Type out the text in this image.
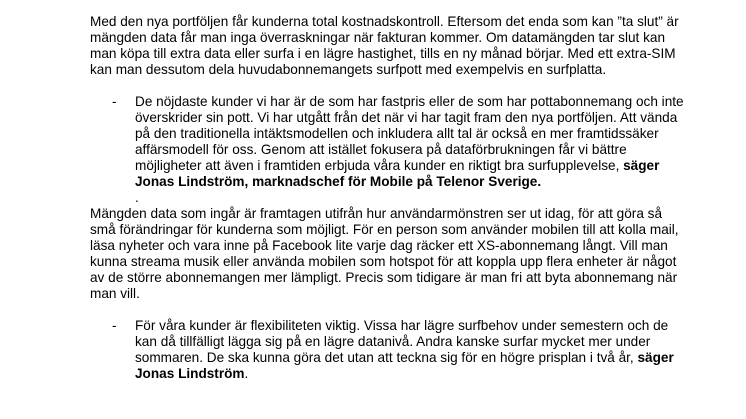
Med den nya portföljen får kunderna total kostnadskontroll. Eftersom det enda som kan ”ta slut” är mängden data får man inga överraskningar när fakturan kommer. Om datamängden tar slut kan man köpa till extra data eller surfa i en lägre hastighet, tills en ny månad börjar. Med ett extra-SIM kan man dessutom dela huvudabonnemangets surfpott med exempelvis en surfplatta.

- De nöjdaste kunder vi har är de som har fastpris eller de som har pottabonnemang och inte överskrider sin pott. Vi har utgått från det när vi har tagit fram den nya portföljen. Att vända på den traditionella intäktsmodellen och inkludera allt tal är också en mer framtidssäker affärsmodell för oss. Genom att istället fokusera på dataförbrukningen får vi bättre möjligheter att även i framtiden erbjuda våra kunder en riktigt bra surfupplevelse, säger Jonas Lindström, marknadschef för Mobile på Telenor Sverige.

.

Mängden data som ingår är framtagen utifrån hur användarmönstren ser ut idag, för att göra så små förändringar för kunderna som möjligt. För en person som använder mobilen till att kolla mail, läsa nyheter och vara inne på Facebook lite varje dag räcker ett XS-abonnemang långt. Vill man kunna streama musik eller använda mobilen som hotspot för att koppla upp flera enheter är något av de större abonnemangen mer lämpligt. Precis som tidigare är man fri att byta abonnemang när man vill.

- För våra kunder är flexibiliteten viktig. Vissa har lägre surfbehov under semestern och de kan då tillfälligt lägga sig på en lägre datanivå. Andra kanske surfar mycket mer under sommaren. De ska kunna göra det utan att teckna sig för en högre prisplan i två år, säger Jonas Lindström.
